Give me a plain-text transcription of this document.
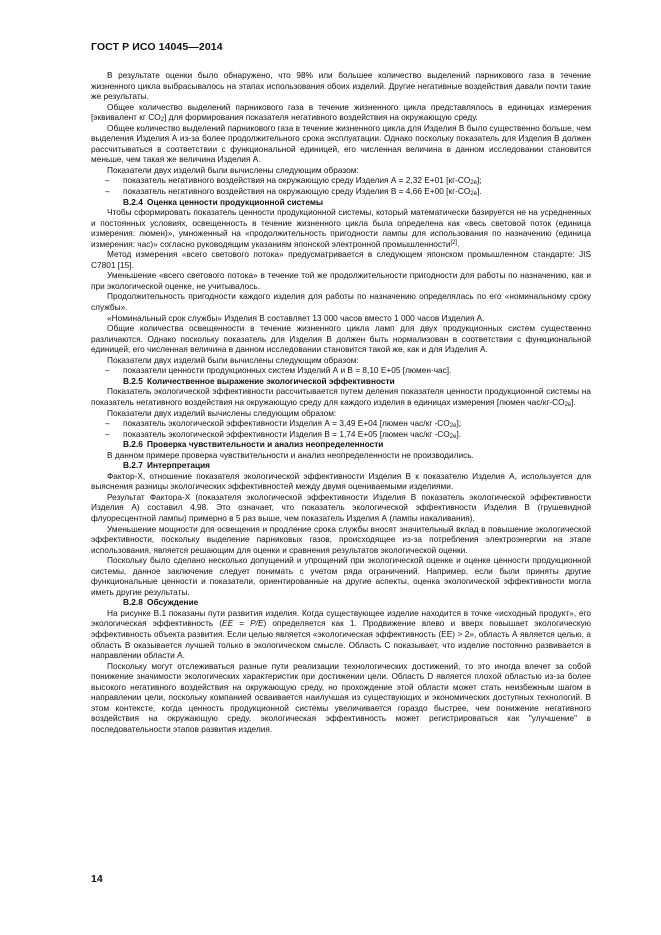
ГОСТ Р ИСО 14045—2014

В результате оценки было обнаружено, что 98% или большее количество выделений парникового газа в течение жизненного цикла выбрасывалось на этапах использования обоих изделий. Другие негативные воздействия давали почти такие же результаты.

Общее количество выделений парникового газа в течение жизненного цикла представлялось в единицах измерения [эквивалент кг $CO_2$] для формирования показателя негативного воздействия на окружающую среду.

Общее количество выделений парникового газа в течение жизненного цикла для Изделия В было существенно больше, чем выделения Изделия А из-за более продолжительного срока эксплуатации. Однако поскольку показатель для Изделия В должен рассчитываться в соответствии с функциональной единицей, его численная величина в данном исследовании становится меньше, чем такая же величина Изделия А.

Показатели двух изделий были вычислены следующим образом:

– показатель негативного воздействия на окружающую среду Изделия А = 2,32 E+01 $[кг-CO_{2e}]$;

– показатель негативного воздействия на окружающую среду Изделия В = 4,66 E+00 $[кг-CO_{2e}]$.

В.2.4 Оценка ценности продукционной системы

Чтобы сформировать показатель ценности продукционной системы, который математически базируется не на усредненных и постоянных условиях, освещенность в течение жизненного цикла была определена как «весь световой поток (единица измерения: люмен)», умноженный на «продолжительность пригодности лампы для использования по назначению (единица измерения: час)» согласно руководящим указаниям японской электронной промышленности[2].

Метод измерения «всего светового потока» предусматривается в следующем японском промышленном стандарте: JIS C7801 [15].

Уменьшение «всего светового потока» в течение той же продолжительности пригодности для работы по назначению, как и при экологической оценке, не учитывалось.

Продолжительность пригодности каждого изделия для работы по назначению определялась по его «номинальному сроку службы».

«Номинальный срок службы» Изделия В составляет 13 000 часов вместо 1 000 часов Изделия А.

Общие количества освещенности в течение жизненного цикла ламп для двух продукционных систем существенно различаются. Однако поскольку показатель для Изделия В должен быть нормализован в соответствии с функциональной единицей, его численная величина в данном исследовании становится такой же, как и для Изделия А.

Показатели двух изделий были вычислены следующим образом:

– показатели ценности продукционных систем Изделий А и В = 8,10 E+05 [люмен·час].

В.2.5 Количественное выражение экологической эффективности

Показатель экологической эффективности рассчитывается путем деления показателя ценности продукционной системы на показатель негативного воздействия на окружающую среду для каждого изделия в единицах измерения [люмен час/$кг-CO_{2e}$].

Показатели двух изделий вычислены следующим образом:

– показатель экологической эффективности Изделия А = 3,49 E+04 [люмен час/кг $-CO_{2e}$];

– показатель экологической эффективности Изделия В = 1,74 E+05 [люмен час/кг $-CO_{2e}$].

В.2.6 Проверка чувствительности и анализ неопределенности

В данном примере проверка чувствительности и анализ неопределенности не производились.

В.2.7 Интерпретация

Фактор-X, отношение показателя экологической эффективности Изделия В к показателю Изделия А, используется для выяснения разницы экологических эффективностей между двумя оцениваемыми изделиями.

Результат Фактора-X (показателя экологической эффективности Изделия В показатель экологической эффективности Изделия А) составил 4,98. Это означает, что показатель экологической эффективности Изделия В (грушевидной флуоресцентной лампы) примерно в 5 раз выше, чем показатель Изделия А (лампы накаливания).

Уменьшение мощности для освещения и продление срока службы вносят значительный вклад в повышение экологической эффективности, поскольку выделение парниковых газов, происходящее из-за потребления электроэнергии на этапе использования, является решающим для оценки и сравнения результатов экологической оценки.

Поскольку было сделано несколько допущений и упрощений при экологической оценке и оценке ценности продукционной системы, данное заключение следует понимать с учетом ряда ограничений. Например, если были приняты другие функциональные ценности и показатели, ориентированные на другие аспекты, оценка экологической эффективности могла иметь другие результаты.

В.2.8 Обсуждение

На рисунке В.1 показаны пути развития изделия. Когда существующее изделие находится в точке «исходный продукт», его экологическая эффективность (EE = P/E) определяется как 1. Продвижение влево и вверх повышает экологическую эффективность объекта развития. Если целью является «экологическая эффективность (ЕЕ) > 2», область А является целью, а область В оказывается лучшей только в экологическом смысле. Область С показывает, что изделие постоянно развивается в направлении области А.

Поскольку могут отслеживаться разные пути реализации технологических достижений, то это иногда влечет за собой понижение значимости экологических характеристик при достижении цели. Область D является плохой областью из-за более высокого негативного воздействия на окружающую среду, но прохождение этой области может стать неизбежным шагом в направлении цели, поскольку компанией осваивается наилучшая из существующих и экономических доступных технологий. В этом контексте, когда ценность продукционной системы увеличивается гораздо быстрее, чем понижение негативного воздействия на окружающую среду, экологическая эффективность может регистрироваться как "улучшение" в последовательности этапов развития изделия.

14
